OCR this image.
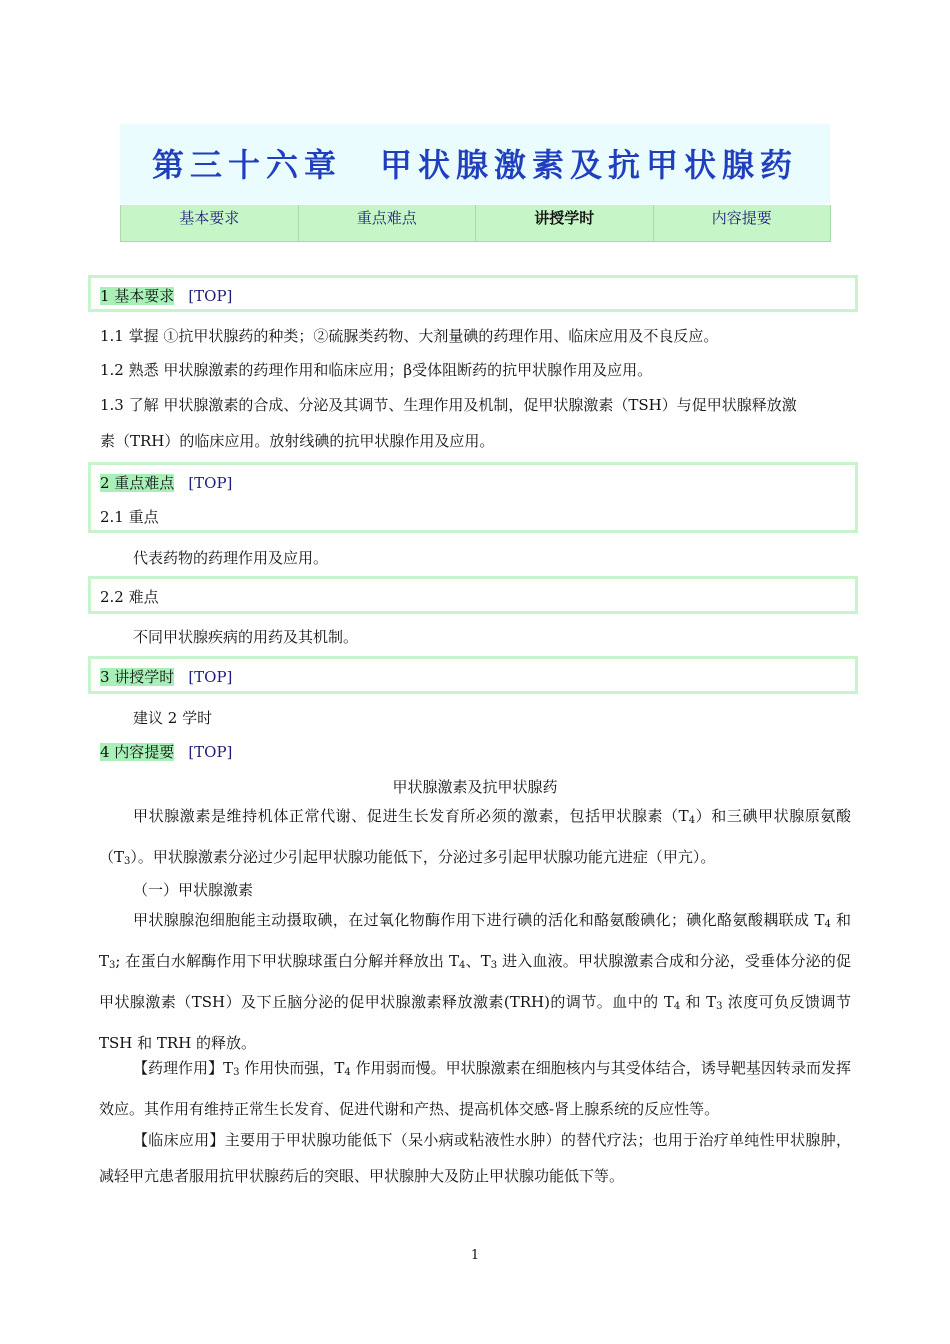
第三十六章　甲状腺激素及抗甲状腺药
基本要求	重点难点	讲授学时	内容提要
1 基本要求 [TOP]
1.1 掌握 ①抗甲状腺药的种类；②硫脲类药物、大剂量碘的药理作用、临床应用及不良反应。
1.2 熟悉 甲状腺激素的药理作用和临床应用；β受体阻断药的抗甲状腺作用及应用。
1.3 了解 甲状腺激素的合成、分泌及其调节、生理作用及机制，促甲状腺激素（TSH）与促甲状腺释放激
素（TRH）的临床应用。放射线碘的抗甲状腺作用及应用。
2 重点难点 [TOP]
2.1 重点
代表药物的药理作用及应用。
2.2 难点
不同甲状腺疾病的用药及其机制。
3 讲授学时 [TOP]
建议 2 学时
4 内容提要 [TOP]
甲状腺激素及抗甲状腺药
甲状腺激素是维持机体正常代谢、促进生长发育所必须的激素，包括甲状腺素$(T_4)$和三碘甲状腺原氨酸$(T_3)$。甲状腺激素分泌过少引起甲状腺功能低下，分泌过多引起甲状腺功能亢进症（甲亢）。
（一）甲状腺激素
甲状腺腺泡细胞能主动摄取碘，在过氧化物酶作用下进行碘的活化和酪氨酸碘化；碘化酪氨酸耦联成 $T_4$ 和 $T_3$; 在蛋白水解酶作用下甲状腺球蛋白分解并释放出 $T_4$、$T_3$ 进入血液。甲状腺激素合成和分泌，受垂体分泌的促甲状腺激素（TSH）及下丘脑分泌的促甲状腺激素释放激素(TRH)的调节。血中的 $T_4$ 和 $T_3$ 浓度可负反馈调节 TSH 和 TRH 的释放。
【药理作用】$T_3$ 作用快而强，$T_4$ 作用弱而慢。甲状腺激素在细胞核内与其受体结合，诱导靶基因转录而发挥效应。其作用有维持正常生长发育、促进代谢和产热、提高机体交感-肾上腺系统的反应性等。
【临床应用】主要用于甲状腺功能低下（呆小病或粘液性水肿）的替代疗法；也用于治疗单纯性甲状腺肿，减轻甲亢患者服用抗甲状腺药后的突眼、甲状腺肿大及防止甲状腺功能低下等。
1
